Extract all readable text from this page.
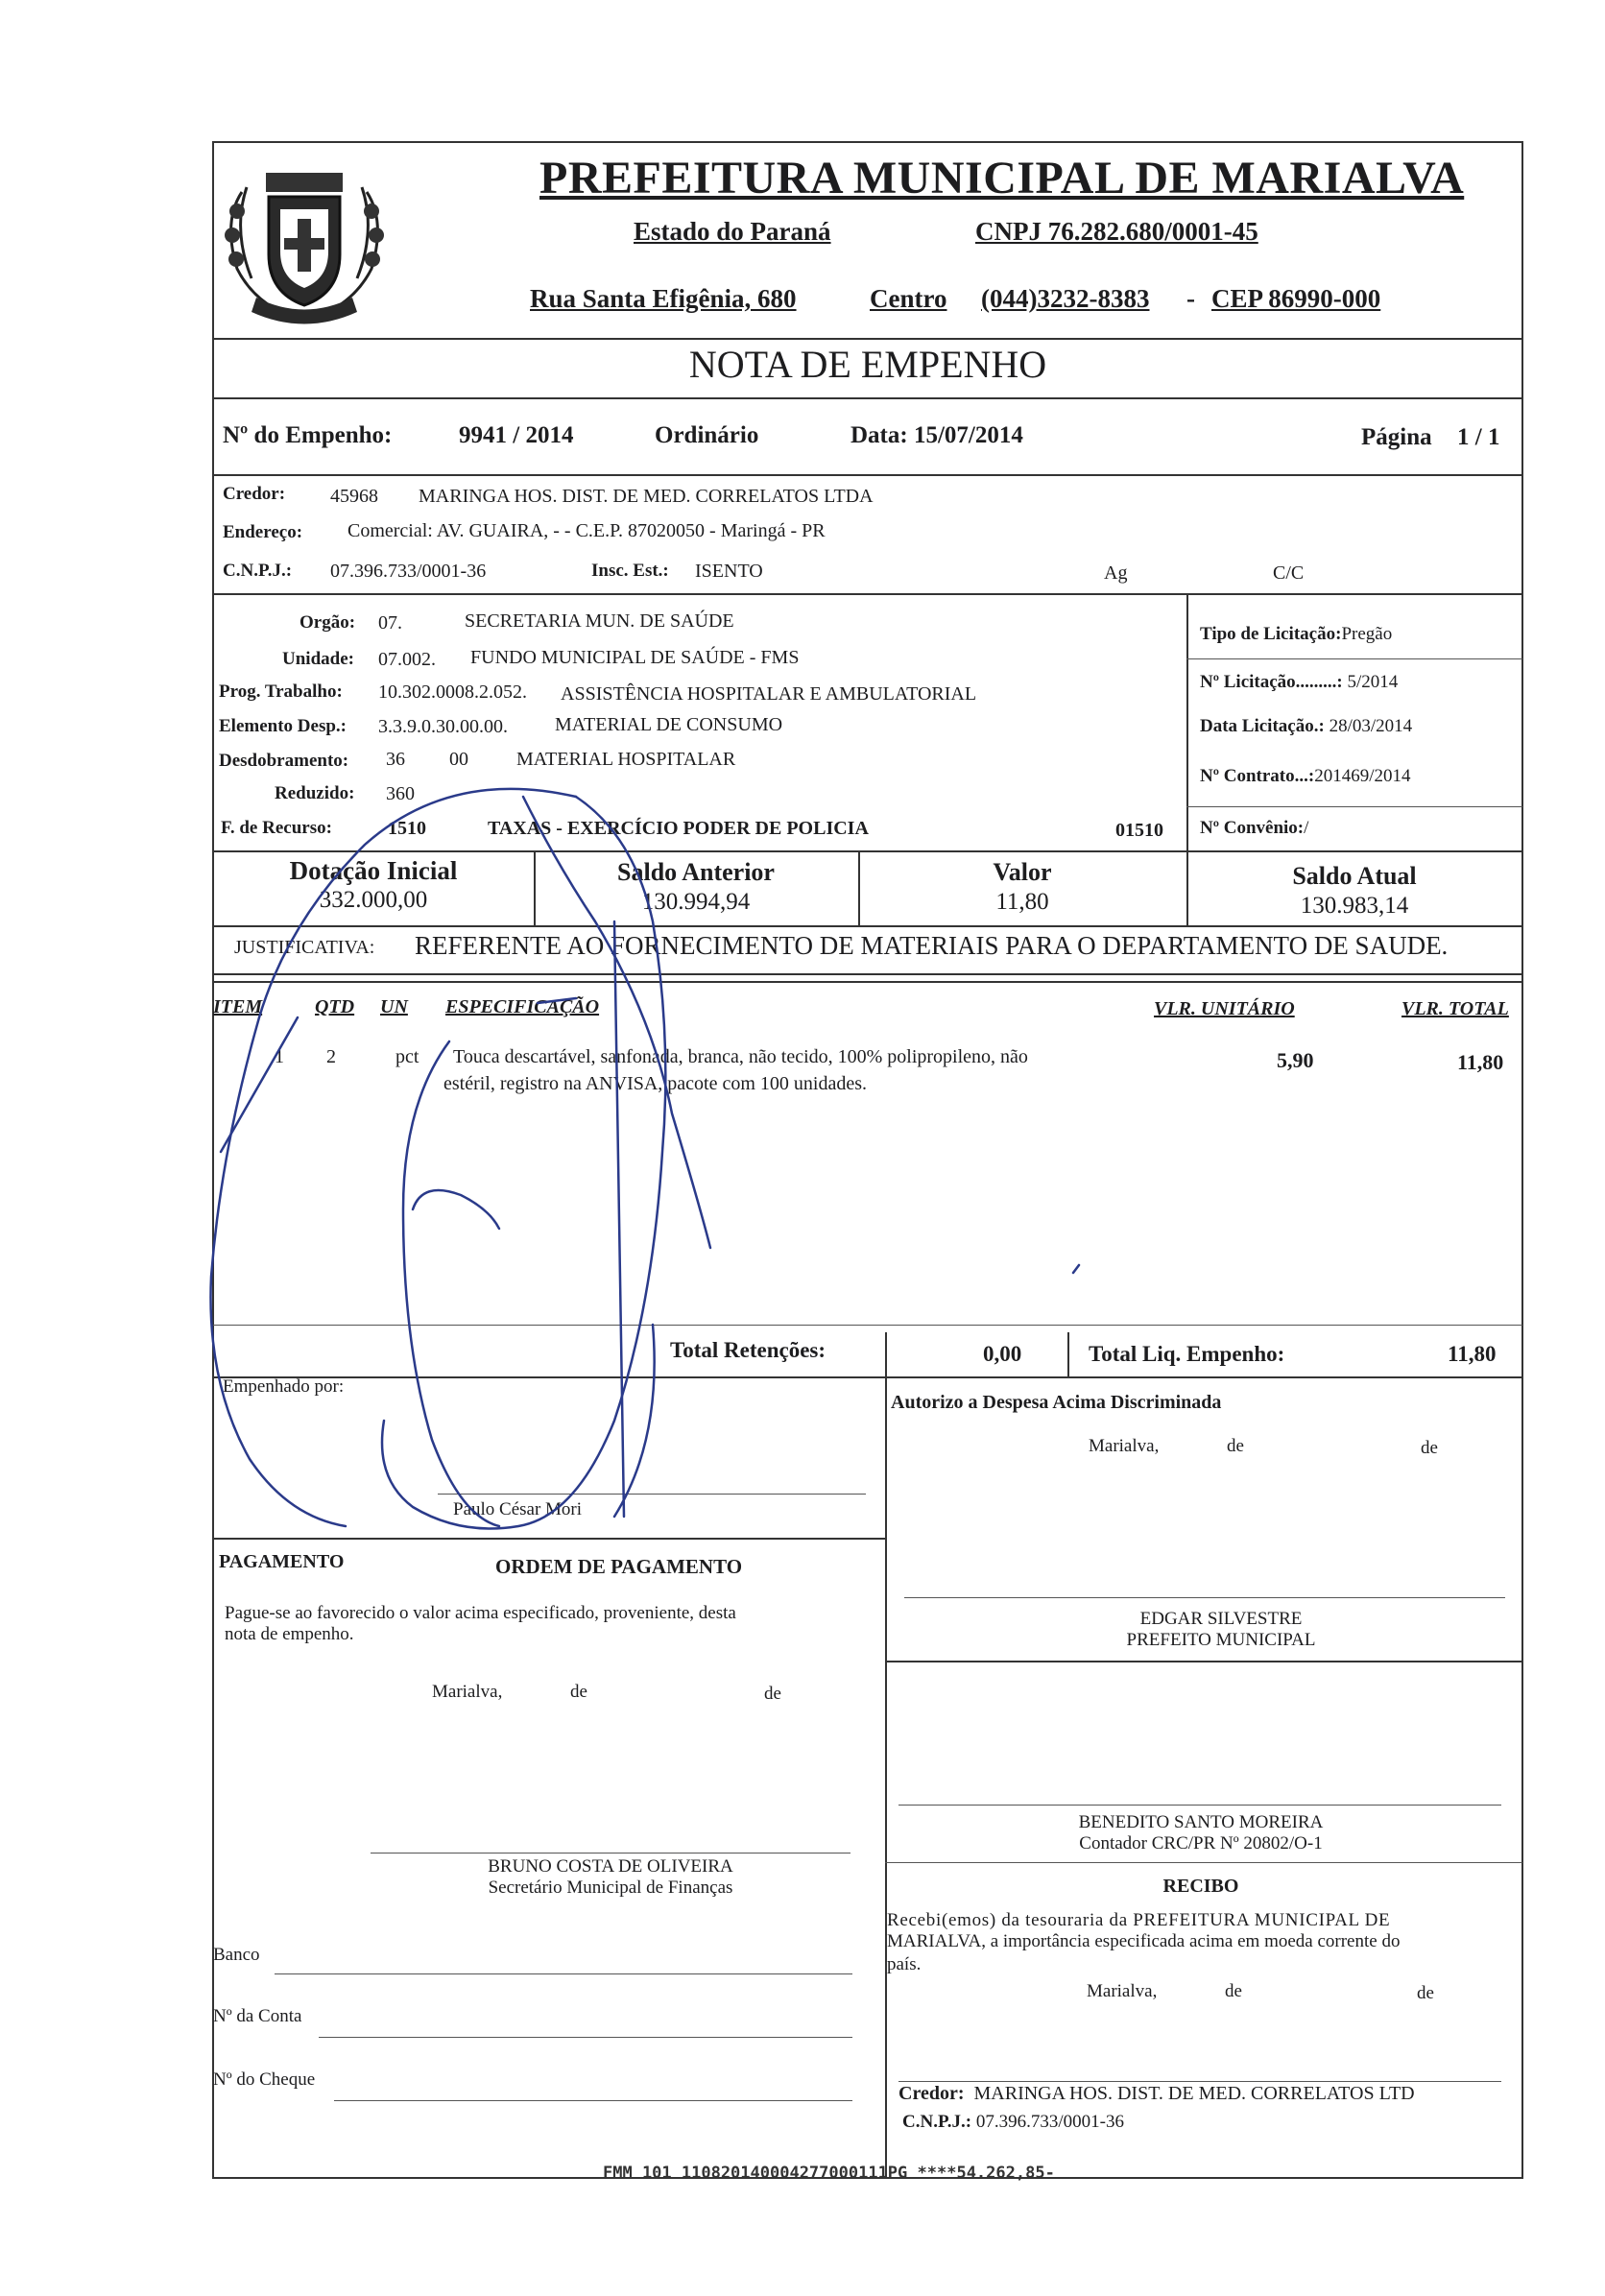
PREFEITURA MUNICIPAL DE MARIALVA
Estado do Paraná	CNPJ 76.282.680/0001-45
Rua Santa Efigênia, 680	Centro (044)3232-8383 - CEP 86990-000
NOTA DE EMPENHO
Nº do Empenho:	9941 / 2014	Ordinário	Data: 15/07/2014	Página 1 / 1
Credor: 45968 MARINGA HOS. DIST. DE MED. CORRELATOS LTDA
Endereço: Comercial: AV. GUAIRA, - - C.E.P. 87020050 - Maringá - PR
C.N.P.J.: 07.396.733/0001-36	Insc. Est.: ISENTO	Ag	C/C
Orgão: 07.	SECRETARIA MUN. DE SAÚDE
Unidade: 07.002. FUNDO MUNICIPAL DE SAÚDE - FMS
Prog. Trabalho: 10.302.0008.2.052. ASSISTÊNCIA HOSPITALAR E AMBULATORIAL
Elemento Desp.: 3.3.9.0.30.00.00. MATERIAL DE CONSUMO
Desdobramento: 36 00	MATERIAL HOSPITALAR
Reduzido: 360
F. de Recurso:	1510	TAXAS - EXERCÍCIO PODER DE POLICIA	01510
Tipo de Licitação:Pregão
Nº Licitação.........: 5/2014
Data Licitação.: 28/03/2014
Nº Contrato...:201469/2014
Nº Convênio:/
Dotação Inicial
332.000,00
Saldo Anterior
130.994,94
Valor
11,80
Saldo Atual
130.983,14
JUSTIFICATIVA: REFERENTE AO FORNECIMENTO DE MATERIAIS PARA O DEPARTAMENTO DE SAUDE.
ITEM	QTD UN ESPECIFICAÇÃO	VLR. UNITÁRIO	VLR. TOTAL
1 2	pct Touca descartável, sanfonada, branca, não tecido, 100% polipropileno, não
estéril, registro na ANVISA, pacote com 100 unidades.
5,90	11,80
Total Retenções:	0,00	Total Liq. Empenho:	11,80
Empenhado por:
Paulo César Mori
Autorizo a Despesa Acima Discriminada
Marialva,	de	de
EDGAR SILVESTRE
PREFEITO MUNICIPAL
PAGAMENTO	ORDEM DE PAGAMENTO
Pague-se ao favorecido o valor acima especificado, proveniente, desta
nota de empenho.
Marialva,	de	de
BRUNO COSTA DE OLIVEIRA
Secretário Municipal de Finanças
Banco
Nº da Conta
Nº do Cheque
BENEDITO SANTO MOREIRA
Contador CRC/PR Nº 20802/O-1
RECIBO
Recebi(emos) da tesouraria da PREFEITURA MUNICIPAL DE
MARIALVA, a importância especificada acima em moeda corrente do
país.
Marialva,	de	de
Credor: MARINGA HOS. DIST. DE MED. CORRELATOS LTD
C.N.P.J.: 07.396.733/0001-36
FMM 101 110820140004277000111PG ****54.262,85-
